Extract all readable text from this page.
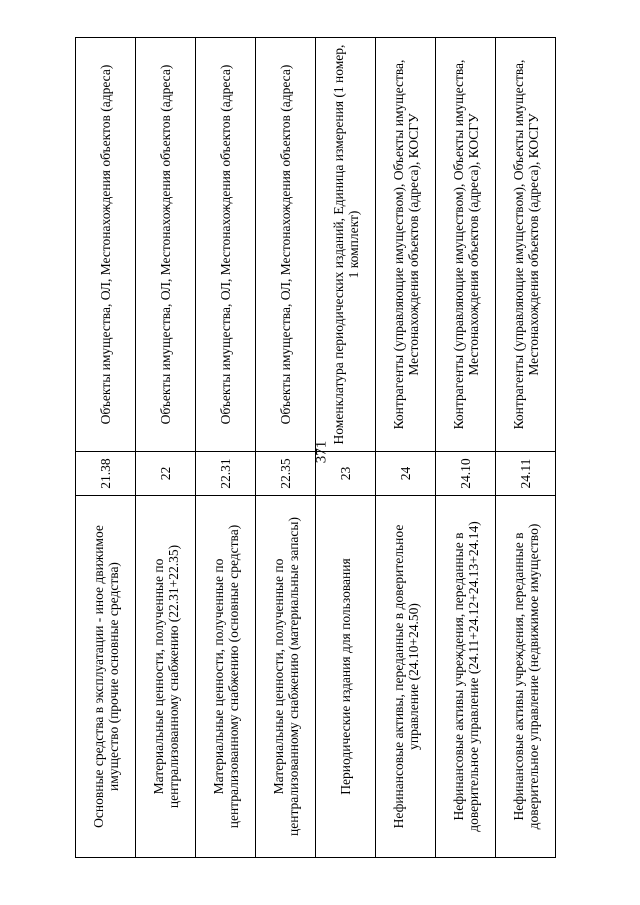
371
Основные средства в эксплуатации - иное движимое имущество (прочие основные средства)	21.38	Объекты имущества, ОЛ, Местонахождения объектов (адреса)
Материальные ценности, полученные по централизованному снабжению (22.31+22.35)	22	Объекты имущества, ОЛ, Местонахождения объектов (адреса)
Материальные ценности, полученные по централизованному снабжению (основные средства)	22.31	Объекты имущества, ОЛ, Местонахождения объектов (адреса)
Материальные ценности, полученные по централизованному снабжению (материальные запасы)	22.35	Объекты имущества, ОЛ, Местонахождения объектов (адреса)
Периодические издания для пользования	23	Номенклатура периодических изданий, Единица измерения (1 номер, 1 комплект)
Нефинансовые активы, переданные в доверительное управление (24.10+24.50)	24	Контрагенты (управляющие имуществом), Объекты имущества, Местонахождения объектов (адреса), КОСГУ
Нефинансовые активы учреждения, переданные в доверительное управление (24.11+24.12+24.13+24.14)	24.10	Контрагенты (управляющие имуществом), Объекты имущества, Местонахождения объектов (адреса), КОСГУ
Нефинансовые активы учреждения, переданные в доверительное управление (недвижимое имущество)	24.11	Контрагенты (управляющие имуществом), Объекты имущества, Местонахождения объектов (адреса), КОСГУ
